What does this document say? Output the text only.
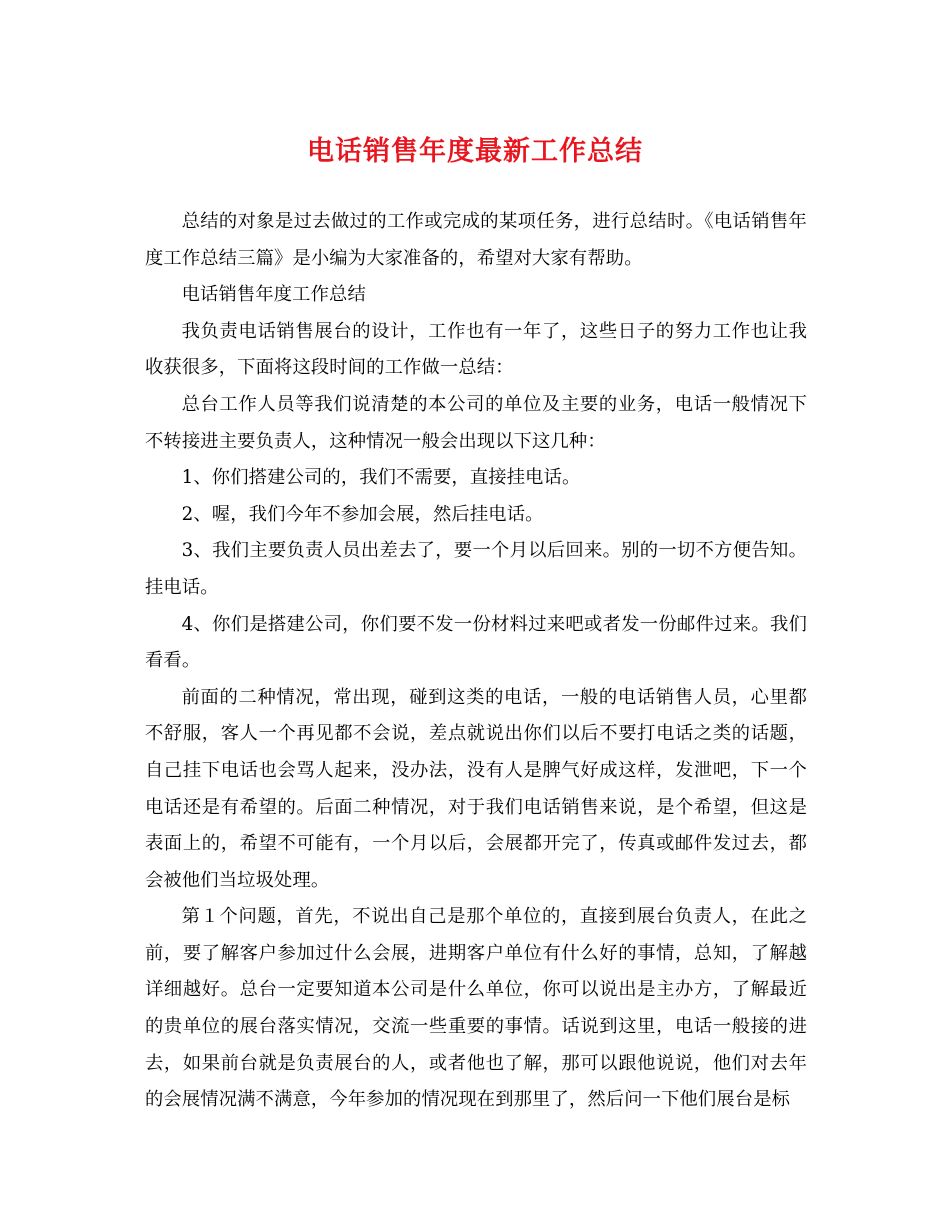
电话销售年度最新工作总结

总结的对象是过去做过的工作或完成的某项任务，进行总结时。《电话销售年度工作总结三篇》是小编为大家准备的，希望对大家有帮助。

电话销售年度工作总结

我负责电话销售展台的设计，工作也有一年了，这些日子的努力工作也让我收获很多，下面将这段时间的工作做一总结：

总台工作人员等我们说清楚的本公司的单位及主要的业务，电话一般情况下不转接进主要负责人，这种情况一般会出现以下这几种：

1、你们搭建公司的，我们不需要，直接挂电话。

2、喔，我们今年不参加会展，然后挂电话。

3、我们主要负责人员出差去了，要一个月以后回来。别的一切不方便告知。挂电话。

4、你们是搭建公司，你们要不发一份材料过来吧或者发一份邮件过来。我们看看。

前面的二种情况，常出现，碰到这类的电话，一般的电话销售人员，心里都不舒服，客人一个再见都不会说，差点就说出你们以后不要打电话之类的话题，自己挂下电话也会骂人起来，没办法，没有人是脾气好成这样，发泄吧，下一个电话还是有希望的。后面二种情况，对于我们电话销售来说，是个希望，但这是表面上的，希望不可能有，一个月以后，会展都开完了，传真或邮件发过去，都会被他们当垃圾处理。

第１个问题，首先，不说出自己是那个单位的，直接到展台负责人，在此之前，要了解客户参加过什么会展，进期客户单位有什么好的事情，总知，了解越详细越好。总台一定要知道本公司是什么单位，你可以说出是主办方，了解最近的贵单位的展台落实情况，交流一些重要的事情。话说到这里，电话一般接的进去，如果前台就是负责展台的人，或者他也了解，那可以跟他说说，他们对去年的会展情况满不满意，今年参加的情况现在到那里了，然后问一下他们展台是标
